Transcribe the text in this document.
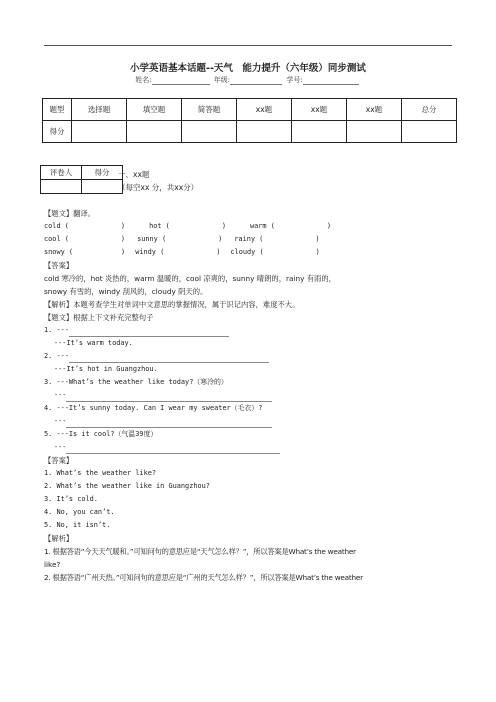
小学英语基本话题--天气　能力提升（六年级）同步测试
姓名:	年级:	学号:
题型	选择题	填空题	简答题	xx题	xx题	xx题	总分
得分							
评卷人	得分
	一、xx题
（每空xx 分，共xx分）
【题文】翻译。
cold (	)	hot (	)	warm (	)
cool (	) sunny (	) rainy (	)
snowy (	) windy (	) cloudy (	)
【答案】
cold 寒冷的，hot 炎热的，warm 温暖的，cool 凉爽的，sunny 晴朗的，rainy 有雨的，
snowy 有雪的，windy 刮风的，cloudy 阴天的。
【解析】本题考查学生对单词中文意思的掌握情况，属于识记内容，难度不大。
【题文】根据上下文补充完整句子
1. ---
---It’s warm today.
2. ---
---It’s hot in Guangzhou.
3. ---What’s the weather like today?（寒冷的）
---
4. ---It’s sunny today. Can I wear my sweater（毛衣）?
---
5. ---Is it cool?（气温39度）
---
【答案】
1. What’s the weather like?
2. What’s the weather like in Guangzhou?
3. It’s cold.
4. No, you can’t.
5. No, it isn’t.
【解析】
1. 根据答语“今天天气暖和。”可知问句的意思应是“天气怎么样？”，所以答案是What’s the weather
like?
2. 根据答语“广州天热。”可知问句的意思应是“广州的天气怎么样？”，所以答案是What’s the weather
